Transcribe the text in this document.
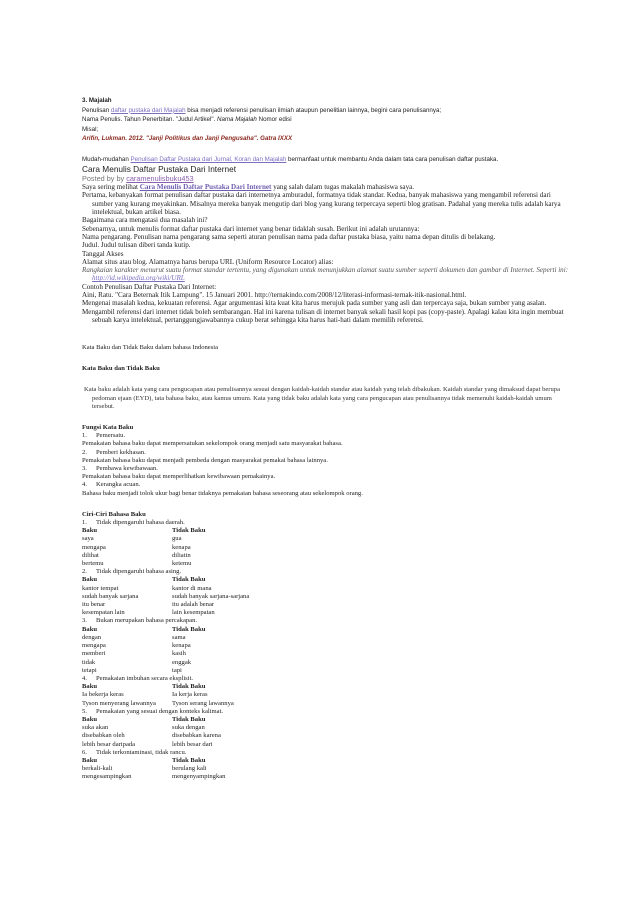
3. Majalah
Penulisan daftar pustaka dari Majalah bisa menjadi referensi penulisan ilmiah ataupun penelitian lainnya, begini cara penulisannya;
Nama Penulis. Tahun Penerbitan. "Judul Artikel". Nama Majalah Nomor edisi
Misal;
Arifin, Lukman. 2012. "Janji Politikus dan Janji Pengusaha". Gatra IXXX
Mudah-mudahan Penulisan Daftar Pustaka dari Jurnal, Koran dan Majalah bermanfaat untuk membantu Anda dalam tata cara penulisan daftar pustaka.
Cara Menulis Daftar Pustaka Dari Internet
Posted by by caramenulisbuku453
Saya sering melihat Cara Menulis Daftar Pustaka Dari Internet yang salah dalam tugas makalah mahasiswa saya.
Pertama, kebanyakan format penulisan daftar pustaka dari internetnya amburadul, formatnya tidak standar. Kedua, banyak mahasiswa yang mengambil referensi dari sumber yang kurang meyakinkan. Misalnya mereka banyak mengutip dari blog yang kurang terpercaya seperti blog gratisan. Padahal yang mereka tulis adalah karya intelektual, bukan artikel biasa.
Bagaimana cara mengatasi dua masalah ini?
Sebenarnya, untuk menulis format daftar pustaka dari internet yang benar tidaklah susah. Berikut ini adalah urutannya:
Nama pengarang. Penulisan nama pengarang sama seperti aturan penulisan nama pada daftar pustaka biasa, yaitu nama depan ditulis di belakang.
Judul. Judul tulisan diberi tanda kutip.
Tanggal Akses
Alamat situs atau blog. Alamatnya harus berupa URL (Uniform Resource Locator) alias:
Rangkaian karakter menurut suatu format standar tertentu, yang digunakan untuk menunjukkan alamat suatu sumber seperti dokumen dan gambar di Internet. Seperti ini: http://id.wikipedia.org/wiki/URL
Contoh Penulisan Daftar Pustaka Dari Internet:
Aini, Ratu. "Cara Beternak Itik Lampung". 15 Januari 2001. http://ternakindo.com/2008/12/literasi-informasi-ternak-itik-nasional.html.
Mengenai masalah kedua, kekuatan referensi. Agar argumentasi kita kuat kita harus merujuk pada sumber yang asli dan terpercaya saja, bukan sumber yang asalan.
Mengambil referensi dari internet tidak boleh sembarangan. Hal ini karena tulisan di internet banyak sekali hasil kopi pas (copy-paste). Apalagi kalau kita ingin membuat sebuah karya intelektual, pertanggungjawabannya cukup berat sehingga kita harus hati-hati dalam memilih referensi.
Kata Baku dan Tidak Baku dalam bahasa Indonesia
Kata Baku dan Tidak Baku
Kata baku adalah kata yang cara pengucapan atau penulisannya sesuai dengan kaidah-kaidah standar atau kaidah yang telah dibakukan. Kaidah standar yang dimaksud dapat berupa pedoman ejaan (EYD), tata bahasa baku, atau kamus umum. Kata yang tidak baku adalah kata yang cara pengucapan atau penulisannya tidak memenuhi kaidah-kaidah umum tersebut.
Fungsi Kata Baku
1. Pemersatu.
Pemakaian bahasa baku dapat mempersatukan sekelompok orang menjadi satu masyarakat bahasa.
2. Pemberi kekhasan.
Pemakaian bahasa baku dapat menjadi pembeda dengan masyarakat pemakai bahasa lainnya.
3. Pembawa kewibawaan.
Pemakaian bahasa baku dapat memperlihatkan kewibawaan pemakainya.
4. Kerangka acuan.
Bahasa baku menjadi tolok ukur bagi benar tidaknya pemakaian bahasa seseorang atau sekelompok orang.
Ciri-Ciri Bahasa Baku
1. Tidak dipengaruhi bahasa daerah.
Baku	Tidak Baku
saya	gua
mengapa	kenapa
dilihat	diliatin
bertemu	ketemu
2. Tidak dipengaruhi bahasa asing.
Baku	Tidak Baku
kantor tempat	kantor di mana
sudah banyak sarjana	sudah banyak sarjana-sarjana
itu benar	itu adalah benar
kesempatan lain	lain kesempatan
3. Bukan merupakan bahasa percakapan.
Baku	Tidak Baku
dengan	sama
mengapa	kenapa
memberi	kasih
tidak	enggak
tetapi	tapi
4. Pemakaian imbuhan secara eksplisit.
Baku	Tidak Baku
Ia bekerja keras	Ia kerja keras
Tyson menyerang lawannya	Tyson serang lawannya
5. Pemakaian yang sesuai dengan konteks kalimat.
Baku	Tidak Baku
suka akan	suka dengan
disebabkan oleh	disebabkan karena
lebih besar daripada	lebih besar dari
6. Tidak terkontaminasi, tidak rancu.
Baku	Tidak Baku
berkali-kali	berulang kali
mengesampingkan	mengenyampingkan
